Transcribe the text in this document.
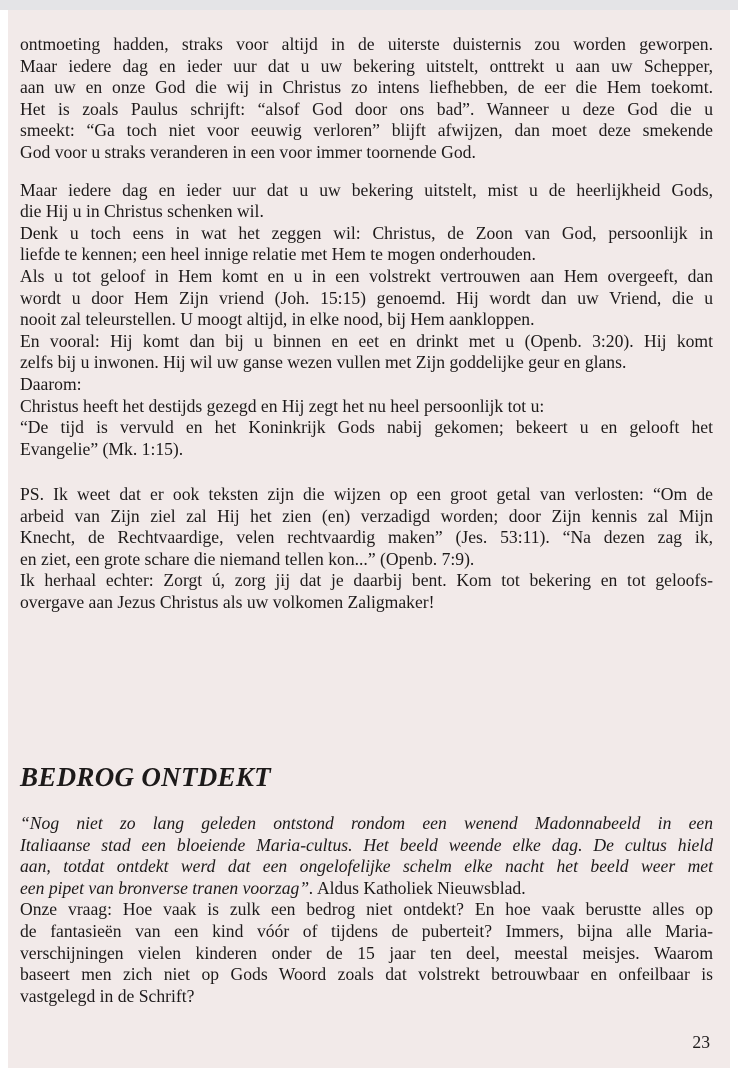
ontmoeting hadden, straks voor altijd in de uiterste duisternis zou worden geworpen.
Maar iedere dag en ieder uur dat u uw bekering uitstelt, onttrekt u aan uw Schepper,
aan uw en onze God die wij in Christus zo intens liefhebben, de eer die Hem toekomt.
Het is zoals Paulus schrijft: “alsof God door ons bad”. Wanneer u deze God die u
smeekt: “Ga toch niet voor eeuwig verloren” blijft afwijzen, dan moet deze smekende
God voor u straks veranderen in een voor immer toornende God.
Maar iedere dag en ieder uur dat u uw bekering uitstelt, mist u de heerlijkheid Gods,
die Hij u in Christus schenken wil.
Denk u toch eens in wat het zeggen wil: Christus, de Zoon van God, persoonlijk in
liefde te kennen; een heel innige relatie met Hem te mogen onderhouden.
Als u tot geloof in Hem komt en u in een volstrekt vertrouwen aan Hem overgeeft, dan
wordt u door Hem Zijn vriend (Joh. 15:15) genoemd. Hij wordt dan uw Vriend, die u
nooit zal teleurstellen. U moogt altijd, in elke nood, bij Hem aankloppen.
En vooral: Hij komt dan bij u binnen en eet en drinkt met u (Openb. 3:20). Hij komt
zelfs bij u inwonen. Hij wil uw ganse wezen vullen met Zijn goddelijke geur en glans.
Daarom:
Christus heeft het destijds gezegd en Hij zegt het nu heel persoonlijk tot u:
“De tijd is vervuld en het Koninkrijk Gods nabij gekomen; bekeert u en gelooft het
Evangelie” (Mk. 1:15).
PS. Ik weet dat er ook teksten zijn die wijzen op een groot getal van verlosten: “Om de
arbeid van Zijn ziel zal Hij het zien (en) verzadigd worden; door Zijn kennis zal Mijn
Knecht, de Rechtvaardige, velen rechtvaardig maken” (Jes. 53:11). “Na dezen zag ik,
en ziet, een grote schare die niemand tellen kon...” (Openb. 7:9).
Ik herhaal echter: Zorgt ú, zorg jij dat je daarbij bent. Kom tot bekering en tot geloofs-
overgave aan Jezus Christus als uw volkomen Zaligmaker!
BEDROG ONTDEKT
“Nog niet zo lang geleden ontstond rondom een wenend Madonnabeeld in een
Italiaanse stad een bloeiende Maria-cultus. Het beeld weende elke dag. De cultus hield
aan, totdat ontdekt werd dat een ongelofelijke schelm elke nacht het beeld weer met
een pipet van bronverse tranen voorzag”. Aldus Katholiek Nieuwsblad.
Onze vraag: Hoe vaak is zulk een bedrog niet ontdekt? En hoe vaak berustte alles op
de fantasieën van een kind vóór of tijdens de puberteit? Immers, bijna alle Maria-
verschijningen vielen kinderen onder de 15 jaar ten deel, meestal meisjes. Waarom
baseert men zich niet op Gods Woord zoals dat volstrekt betrouwbaar en onfeilbaar is
vastgelegd in de Schrift?
23
